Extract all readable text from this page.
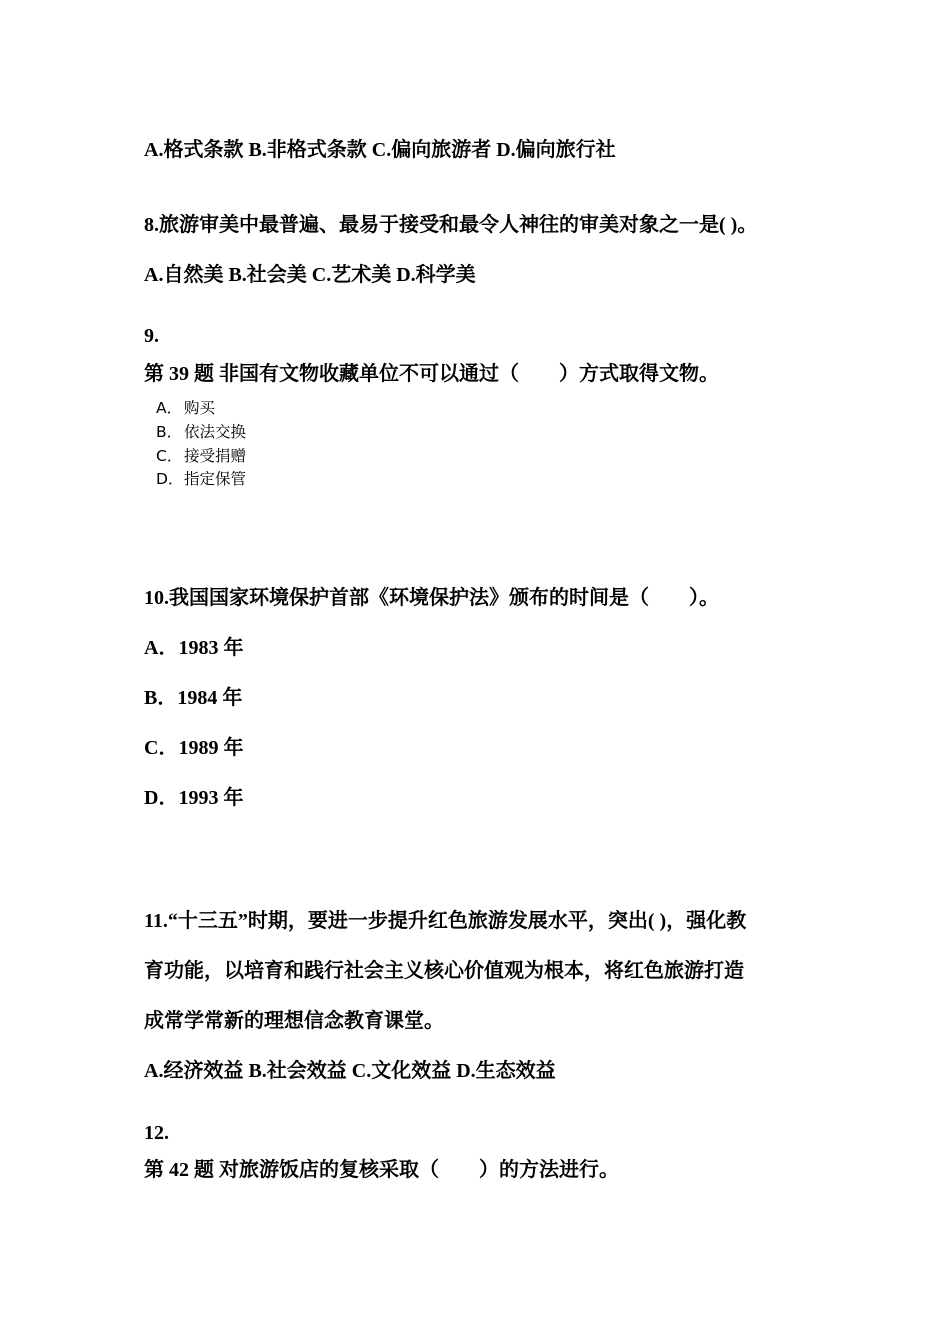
A.格式条款 B.非格式条款 C.偏向旅游者 D.偏向旅行社
8.旅游审美中最普遍、最易于接受和最令人神往的审美对象之一是( )。
A.自然美 B.社会美 C.艺术美 D.科学美
9.
第 39 题 非国有文物收藏单位不可以通过（　　）方式取得文物。
A． 购买
B． 依法交换
C． 接受捐赠
D．指定保管
10.我国国家环境保护首部《环境保护法》颁布的时间是（　　）。
A．1983 年
B．1984 年
C．1989 年
D．1993 年
11.“十三五”时期，要进一步提升红色旅游发展水平，突出( )，强化教
育功能，以培育和践行社会主义核心价值观为根本，将红色旅游打造
成常学常新的理想信念教育课堂。
A.经济效益 B.社会效益 C.文化效益 D.生态效益
12.
第 42 题 对旅游饭店的复核采取（　　）的方法进行。
